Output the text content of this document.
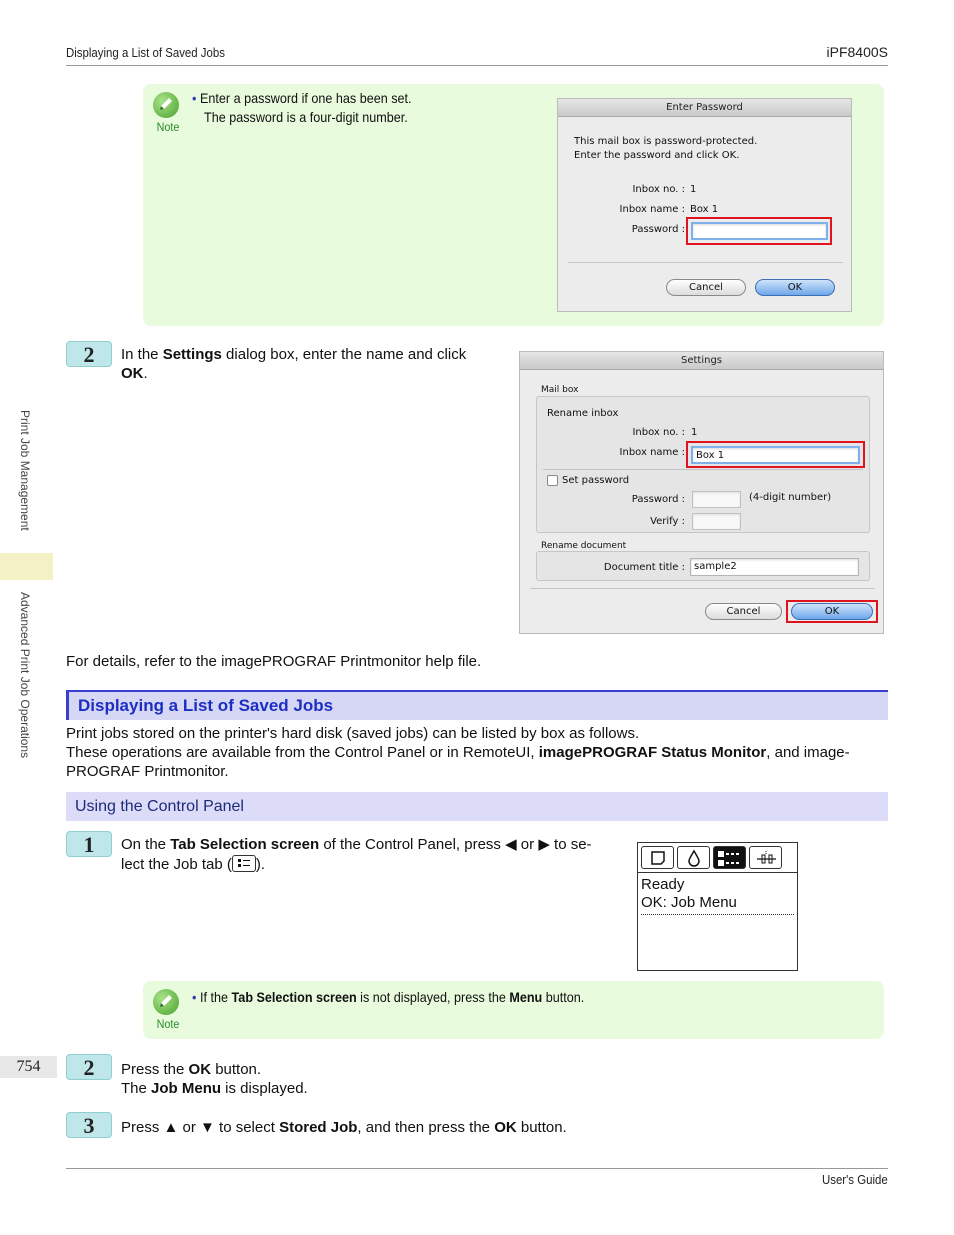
Displaying a List of Saved Jobs	iPF8400S
Print Job Management
Advanced Print Job Operations
754
Note
• Enter a password if one has been set.
The password is a four-digit number.
Enter Password
This mail box is password-protected.
Enter the password and click OK.
Inbox no. : 1
Inbox name : Box 1
Password :
Cancel	OK
2	In the Settings dialog box, enter the name and click
OK.
Settings
Mail box
Rename inbox
Inbox no. : 1
Inbox name : Box 1
Set password
Password :	(4-digit number)
Verify :
Rename document
Document title : sample2
Cancel	OK
For details, refer to the imagePROGRAF Printmonitor help file.
Displaying a List of Saved Jobs
Print jobs stored on the printer's hard disk (saved jobs) can be listed by box as follows.
These operations are available from the Control Panel or in RemoteUI, imagePROGRAF Status Monitor, and image-
PROGRAF Printmonitor.
Using the Control Panel
1	On the Tab Selection screen of the Control Panel, press ◀ or ▶ to se-
lect the Job tab ( ).
Ready
OK: Job Menu
Note
• If the Tab Selection screen is not displayed, press the Menu button.
2	Press the OK button.
The Job Menu is displayed.
3	Press ▲ or ▼ to select Stored Job, and then press the OK button.
User's Guide
